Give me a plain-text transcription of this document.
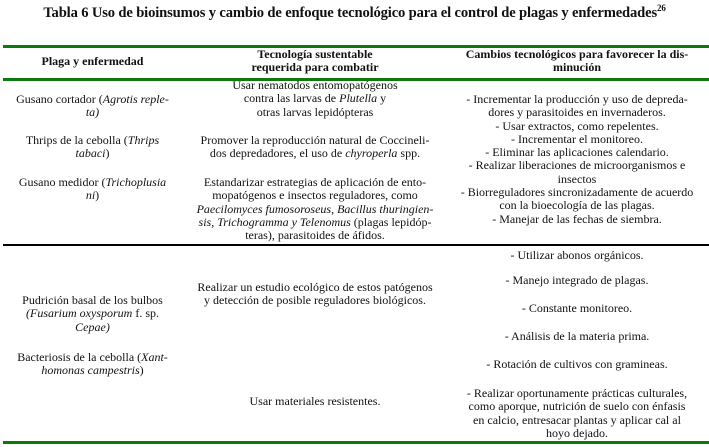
Tabla 6 Uso de bioinsumos y cambio de enfoque tecnológico para el control de plagas y enfermedades$^{26}$
Plaga y enfermedad	Tecnología sustentable
requerida para combatir
Cambios tecnológicos para favorecer la dis-
minución
Gusano cortador (Agrotis reple-
ta)
Thrips de la cebolla (Thrips
tabaci)
Gusano medidor (Trichoplusia
ni)
Usar nematodos entomopatógenos
contra las larvas de Plutella y
otras larvas lepidópteras
Promover la reproducción natural de Coccineli-
dos depredadores, el uso de chyroperla spp.
Estandarizar estrategias de aplicación de ento-
mopatógenos e insectos reguladores, como
Paecilomyces fumosoroseus, Bacillus thuringien-
sis, Trichogramma y Telenomus (plagas lepidóp-
teras), parasitoides de áfidos.
- Incrementar la producción y uso de depreda-
dores y parasitoides en invernaderos.
- Usar extractos, como repelentes.
- Incrementar el monitoreo.
- Eliminar las aplicaciones calendario.
- Realizar liberaciones de microorganismos e
insectos
- Biorreguladores sincronizadamente de acuerdo
con la bioecología de las plagas.
- Manejar de las fechas de siembra.
Pudrición basal de los bulbos
(Fusarium oxysporum f. sp.
Cepae)
Bacteriosis de la cebolla (Xant-
homonas campestris)
Realizar un estudio ecológico de estos patógenos
y detección de posible reguladores biológicos.
Usar materiales resistentes.
- Utilizar abonos orgánicos.
- Manejo integrado de plagas.
- Constante monitoreo.
- Análisis de la materia prima.
- Rotación de cultivos con gramineas.
- Realizar oportunamente prácticas culturales,
como aporque, nutrición de suelo con énfasis
en calcio, entresacar plantas y aplicar cal al
hoyo dejado.
